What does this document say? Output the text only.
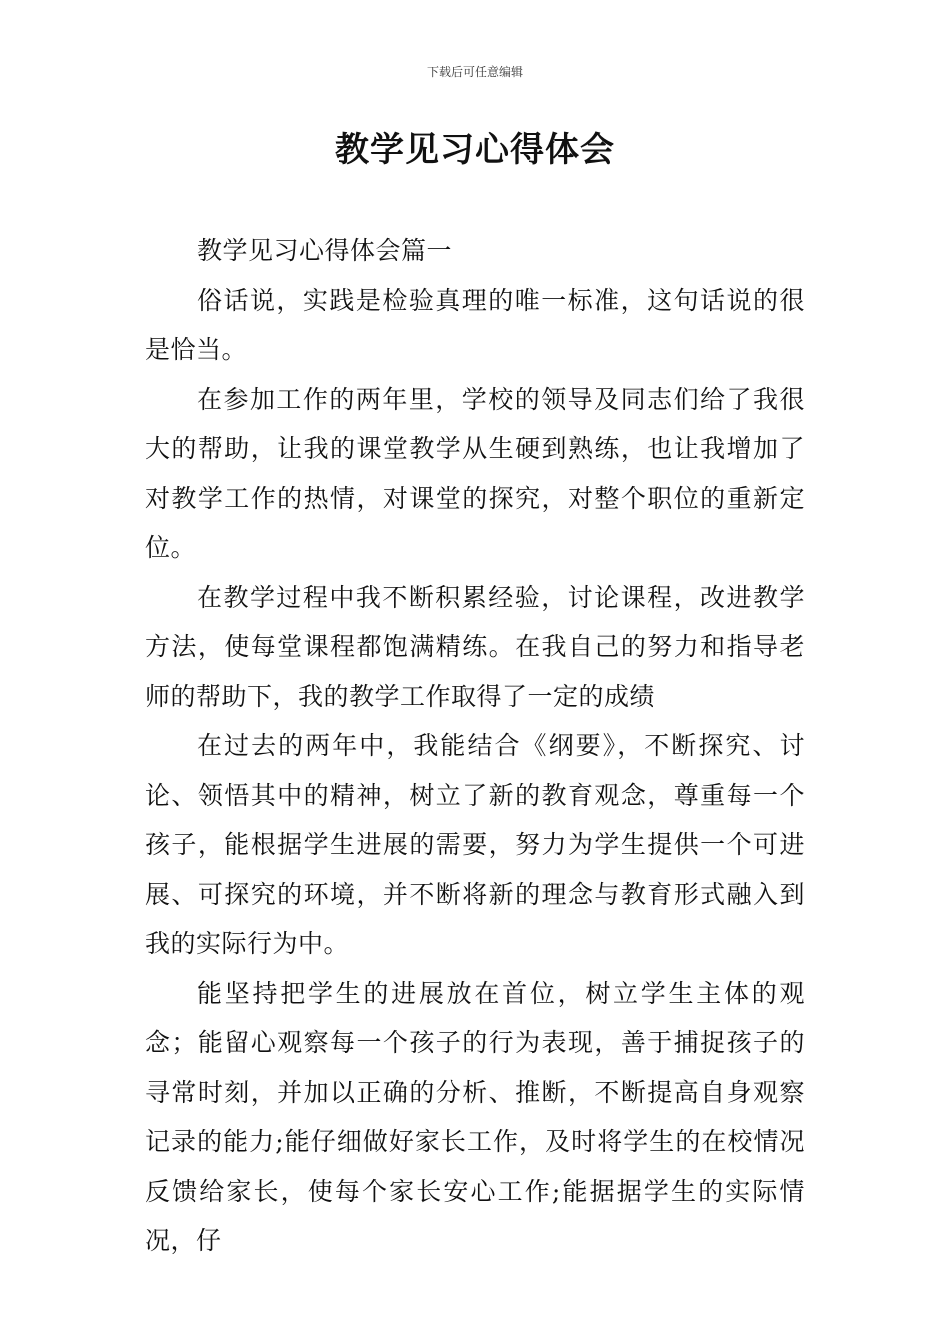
下载后可任意编辑
教学见习心得体会

教学见习心得体会篇一

俗话说，实践是检验真理的唯一标准，这句话说的很是恰当。

在参加工作的两年里，学校的领导及同志们给了我很大的帮助，让我的课堂教学从生硬到熟练，也让我增加了对教学工作的热情，对课堂的探究，对整个职位的重新定位。

在教学过程中我不断积累经验，讨论课程，改进教学方法，使每堂课程都饱满精练。在我自己的努力和指导老师的帮助下，我的教学工作取得了一定的成绩

在过去的两年中，我能结合《纲要》，不断探究、讨论、领悟其中的精神，树立了新的教育观念，尊重每一个孩子，能根据学生进展的需要，努力为学生提供一个可进展、可探究的环境，并不断将新的理念与教育形式融入到我的实际行为中。

能坚持把学生的进展放在首位，树立学生主体的观念；能留心观察每一个孩子的行为表现，善于捕捉孩子的寻常时刻，并加以正确的分析、推断，不断提高自身观察记录的能力;能仔细做好家长工作，及时将学生的在校情况反馈给家长，使每个家长安心工作;能据据学生的实际情况，仔
